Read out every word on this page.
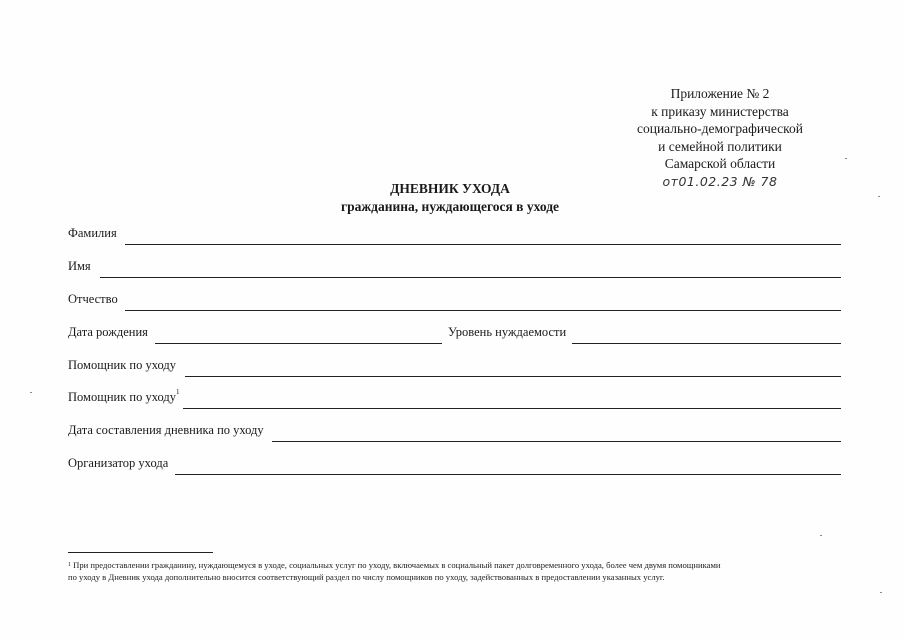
Приложение № 2
к приказу министерства
социально-демографической
и семейной политики
Самарской области
от01.02.23 № 78
ДНЕВНИК УХОДА
гражданина, нуждающегося в уходе
Фамилия
Имя
Отчество
Дата рождения	Уровень нуждаемости
Помощник по уходу
Помощник по уходу$^1$
Дата составления дневника по уходу
Организатор ухода
$^1$ При предоставлении гражданину, нуждающемуся в уходе, социальных услуг по уходу, включаемых в социальный пакет долговременного ухода, более чем двумя помощниками
по уходу в Дневник ухода дополнительно вносится соответствующий раздел по числу помощников по уходу, задействованных в предоставлении указанных услуг.
